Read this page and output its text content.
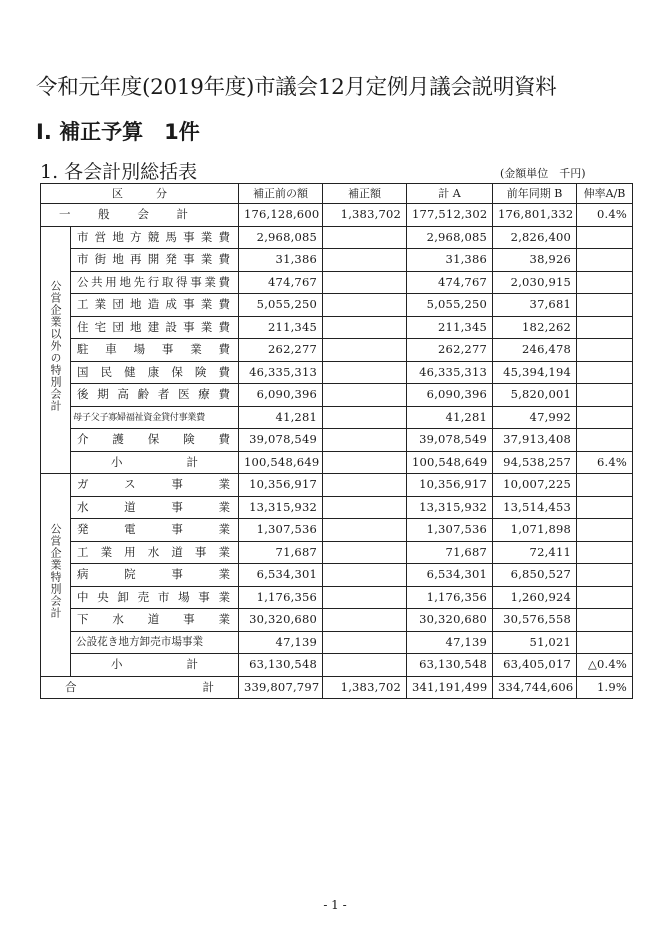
令和元年度(2019年度)市議会12月定例月議会説明資料
Ⅰ. 補正予算　1件
1. 各会計別総括表	(金額単位　千円)
区　　　分		補正前の額	補正額	計 A	前年同期 B	伸率A/B
一　般　会　計		176,128,600	1,383,702	177,512,302	176,801,332	0.4%
公営企業以外の特別会計	市営地方競馬事業費	2,968,085		2,968,085	2,826,400	
	市街地再開発事業費	31,386		31,386	38,926	
	公共用地先行取得事業費	474,767		474,767	2,030,915	
	工業団地造成事業費	5,055,250		5,055,250	37,681	
	住宅団地建設事業費	211,345		211,345	182,262	
	駐車場事業費	262,277		262,277	246,478	
	国民健康保険費	46,335,313		46,335,313	45,394,194	
	後期高齢者医療費	6,090,396		6,090,396	5,820,001	
	母子父子寡婦福祉資金貸付事業費	41,281		41,281	47,992	
	介護保険費	39,078,549		39,078,549	37,913,408	
	小　計	100,548,649		100,548,649	94,538,257	6.4%
公営企業特別会計	ガス事業	10,356,917		10,356,917	10,007,225	
	水道事業	13,315,932		13,315,932	13,514,453	
	発電事業	1,307,536		1,307,536	1,071,898	
	工業用水道事業	71,687		71,687	72,411	
	病院事業	6,534,301		6,534,301	6,850,527	
	中央卸売市場事業	1,176,356		1,176,356	1,260,924	
	下水道事業	30,320,680		30,320,680	30,576,558	
	公設花き地方卸売市場事業	47,139		47,139	51,021	
	小　計	63,130,548		63,130,548	63,405,017	△0.4%
合　計		339,807,797	1,383,702	341,191,499	334,744,606	1.9%
- 1 -
